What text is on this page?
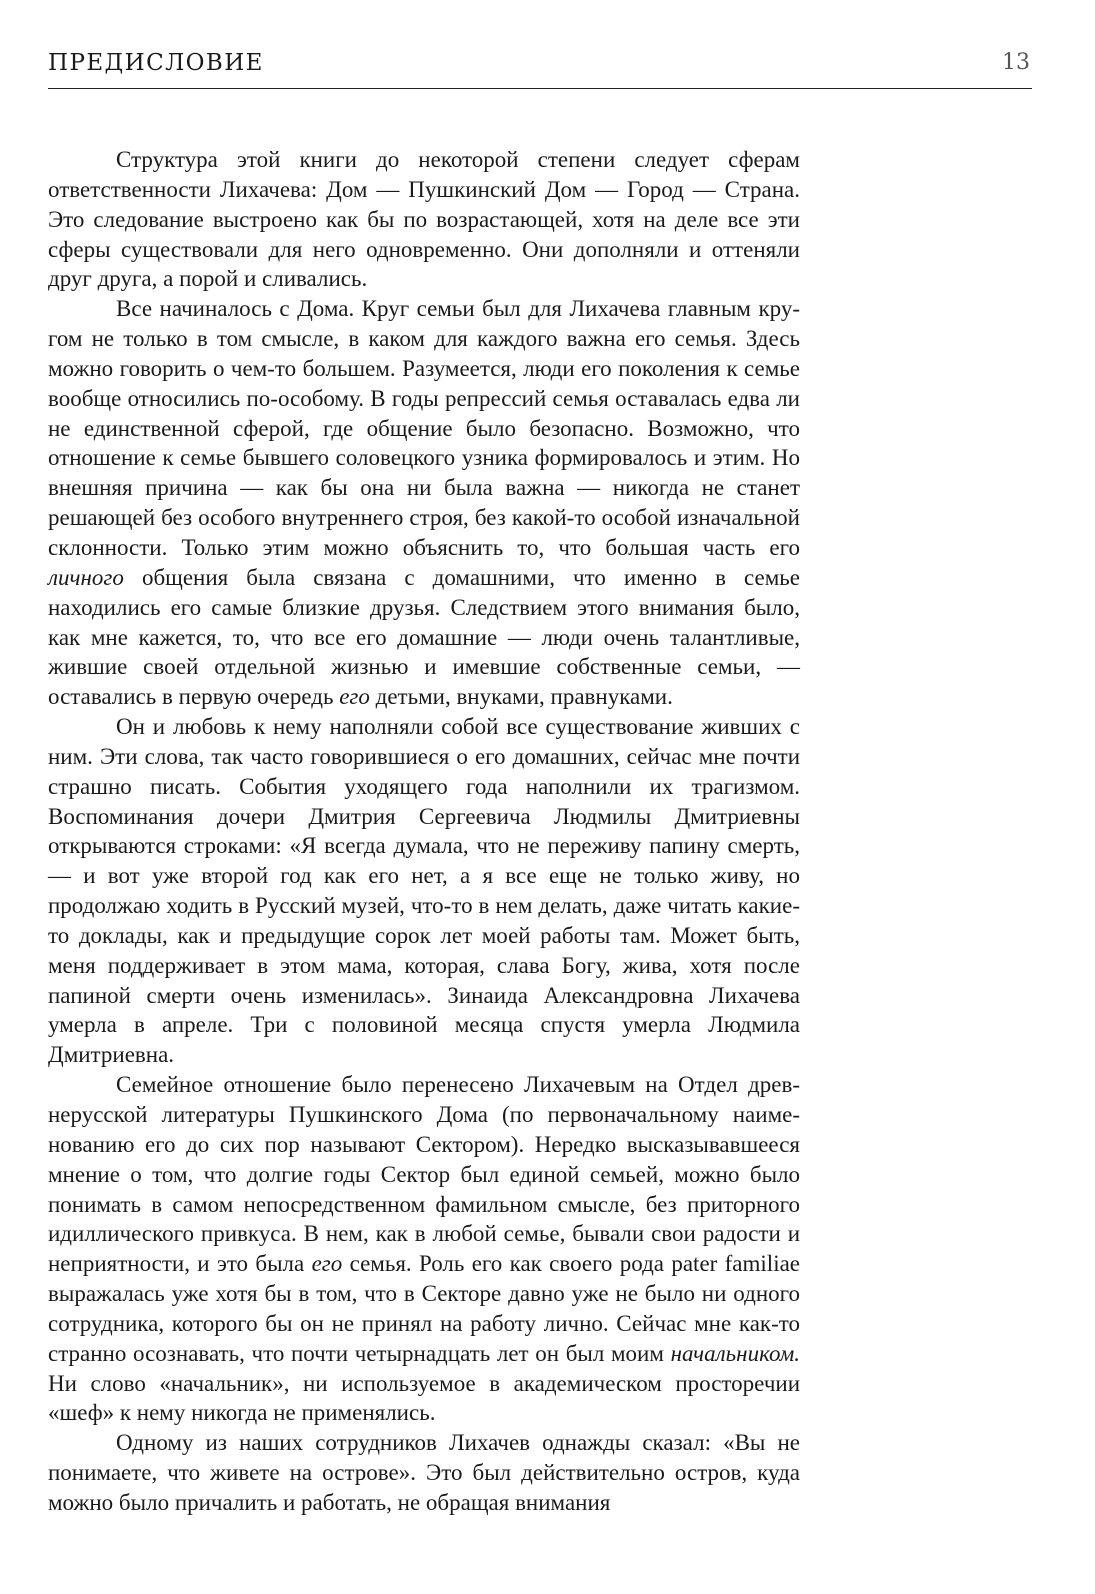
ПРЕДИСЛОВИЕ	13

Структура этой книги до некоторой степени следует сферам ответственности Лихачева: Дом — Пушкинский Дом — Город — Страна. Это следование выстроено как бы по возрастающей, хотя на деле все эти сферы существовали для него одновременно. Они дополняли и оттеняли друг друга, а порой и сливались.

Все начиналось с Дома. Круг семьи был для Лихачева главным кругом не только в том смысле, в каком для каждого важна его семья. Здесь можно говорить о чем-то большем. Разумеется, люди его поколения к семье вообще относились по-особому. В годы репрессий семья оставалась едва ли не единственной сферой, где общение было безопасно. Возможно, что отношение к семье бывшего соловецкого узника формировалось и этим. Но внешняя причина — как бы она ни была важна — никогда не станет решающей без особого внутреннего строя, без какой-то особой изначальной склонности. Только этим можно объяснить то, что большая часть его личного общения была связана с домашними, что именно в семье находились его самые близкие друзья. Следствием этого внимания было, как мне кажется, то, что все его домашние — люди очень талантливые, жившие своей отдельной жизнью и имевшие собственные семьи, — оставались в первую очередь его детьми, внуками, правнуками.

Он и любовь к нему наполняли собой все существование живших с ним. Эти слова, так часто говорившиеся о его домашних, сейчас мне почти страшно писать. События уходящего года наполнили их трагизмом. Воспоминания дочери Дмитрия Сергеевича Людмилы Дмитриевны открываются строками: «Я всегда думала, что не переживу папину смерть, — и вот уже второй год как его нет, а я все еще не только живу, но продолжаю ходить в Русский музей, что-то в нем делать, даже читать какие-то доклады, как и предыдущие сорок лет моей работы там. Может быть, меня поддерживает в этом мама, которая, слава Богу, жива, хотя после папиной смерти очень изменилась». Зинаида Александровна Лихачева умерла в апреле. Три с половиной месяца спустя умерла Людмила Дмитриевна.

Семейное отношение было перенесено Лихачевым на Отдел древнерусской литературы Пушкинского Дома (по первоначальному наименованию его до сих пор называют Сектором). Нередко высказывавшееся мнение о том, что долгие годы Сектор был единой семьей, можно было понимать в самом непосредственном фамильном смысле, без приторного идиллического привкуса. В нем, как в любой семье, бывали свои радости и неприятности, и это была его семья. Роль его как своего рода pater familiae выражалась уже хотя бы в том, что в Секторе давно уже не было ни одного сотрудника, которого бы он не принял на работу лично. Сейчас мне как-то странно осознавать, что почти четырнадцать лет он был моим начальником. Ни слово «начальник», ни используемое в академическом просторечии «шеф» к нему никогда не применялись.

Одному из наших сотрудников Лихачев однажды сказал: «Вы не понимаете, что живете на острове». Это был действительно остров, куда можно было причалить и работать, не обращая внимания
